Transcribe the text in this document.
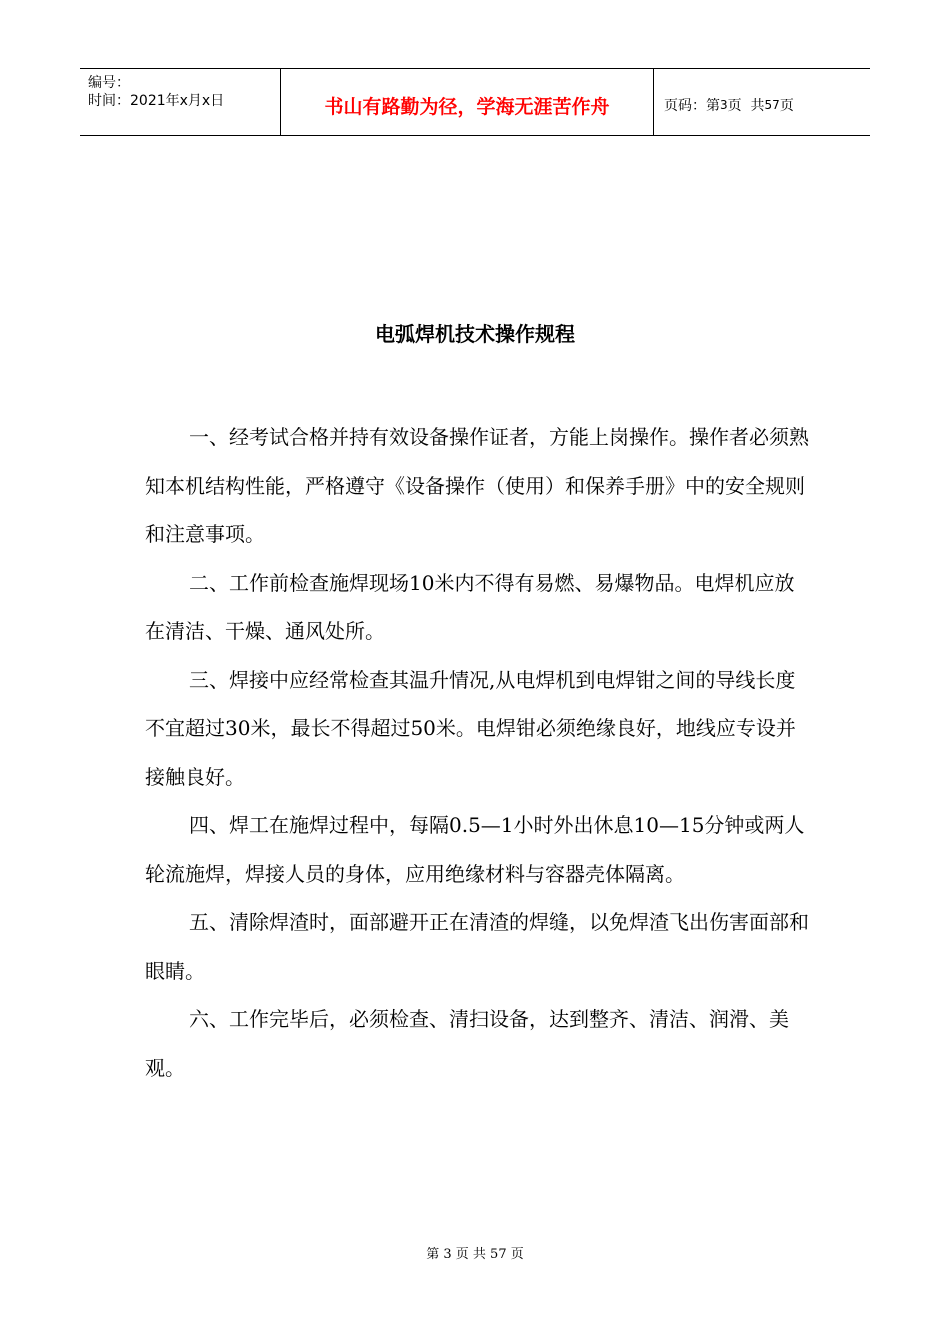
编号：
时间：2021年x月x日	书山有路勤为径，学海无涯苦作舟	页码：第 3 页  共 57 页
电弧焊机技术操作规程

一、经考试合格并持有效设备操作证者，方能上岗操作。操作者必须熟知本机结构性能，严格遵守《设备操作（使用）和保养手册》中的安全规则和注意事项。

二、工作前检查施焊现场10米内不得有易燃、易爆物品。电焊机应放在清洁、干燥、通风处所。

三、焊接中应经常检查其温升情况,从电焊机到电焊钳之间的导线长度不宜超过30米，最长不得超过50米。电焊钳必须绝缘良好，地线应专设并接触良好。

四、焊工在施焊过程中，每隔0.5—1小时外出休息10—15分钟或两人轮流施焊，焊接人员的身体，应用绝缘材料与容器壳体隔离。

五、清除焊渣时，面部避开正在清渣的焊缝，以免焊渣飞出伤害面部和眼睛。

六、工作完毕后，必须检查、清扫设备，达到整齐、清洁、润滑、美观。

第 3 页 共 57 页
